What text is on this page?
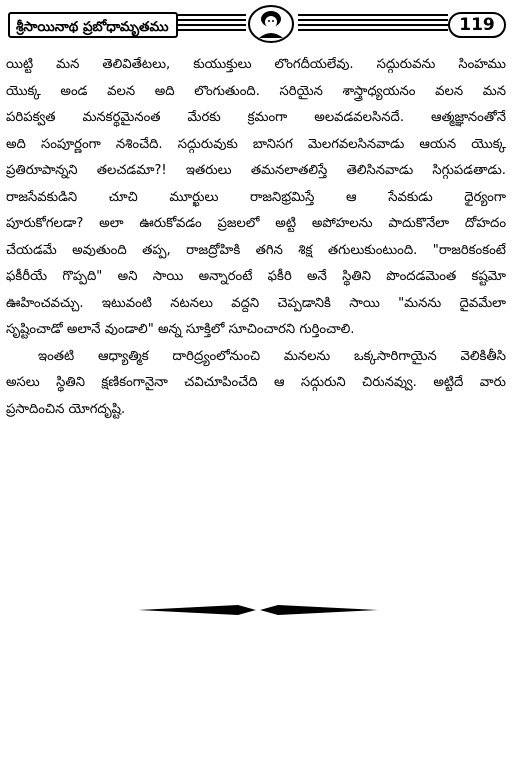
శ్రీసాయినాథ ప్రబోధామృతము	119
యిట్టి మన తెలివితేటలు, కుయుక్తులు లొంగదీయలేవు. సద్గురువను సింహము
యొక్క అండ వలన అది లొంగుతుంది. సరియైన శాస్త్రాధ్యయనం వలన మన
పరిపక్వత మనకర్థమైనంత మేరకు క్రమంగా అలవడవలసినదే. ఆత్మజ్ఞానంతోనే
అది సంపూర్ణంగా నశించేది. సద్గురువుకు బానిసగ మెలగవలసినవాడు ఆయన యొక్క
ప్రతిరూపాన్నని తలచడమా?! ఇతరులు తమనలాతలిస్తే తెలిసినవాడు సిగ్గుపడతాడు.
రాజసేవకుడిని చూచి మూర్ఖులు రాజనిభ్రమిస్తే ఆ సేవకుడు ధైర్యంగా
పూరుకోగలడా? అలా ఊరుకోవడం ప్రజలలో అట్టి అపోహలను పాదుకొనేలా దోహదం
చేయడమే అవుతుంది తప్ప, రాజద్రోహికి తగిన శిక్ష తగులుకుంటుంది. "రాజరికంకంటే
ఫకీరీయే గొప్పది" అని సాయి అన్నారంటే ఫకీరి అనే స్థితిని పొందడమెంత కష్టమో
ఊహించవచ్చు. ఇటువంటి నటనలు వద్దని చెప్పడానికి సాయి "మనను దైవమేలా
సృష్టించాడో అలానే వుండాలి" అన్న సూక్తిలో సూచించారని గుర్తించాలి.
ఇంతటి ఆధ్యాత్మిక దారిద్ర్యంలోనుంచి మనలను ఒక్కసారిగాయైన వెలికితీసి
అసలు స్థితిని క్షణికంగానైనా చవిచూపించేది ఆ సద్గురుని చిరునవ్వు. అట్టిదే వారు
ప్రసాదించిన యోగదృష్టి.
